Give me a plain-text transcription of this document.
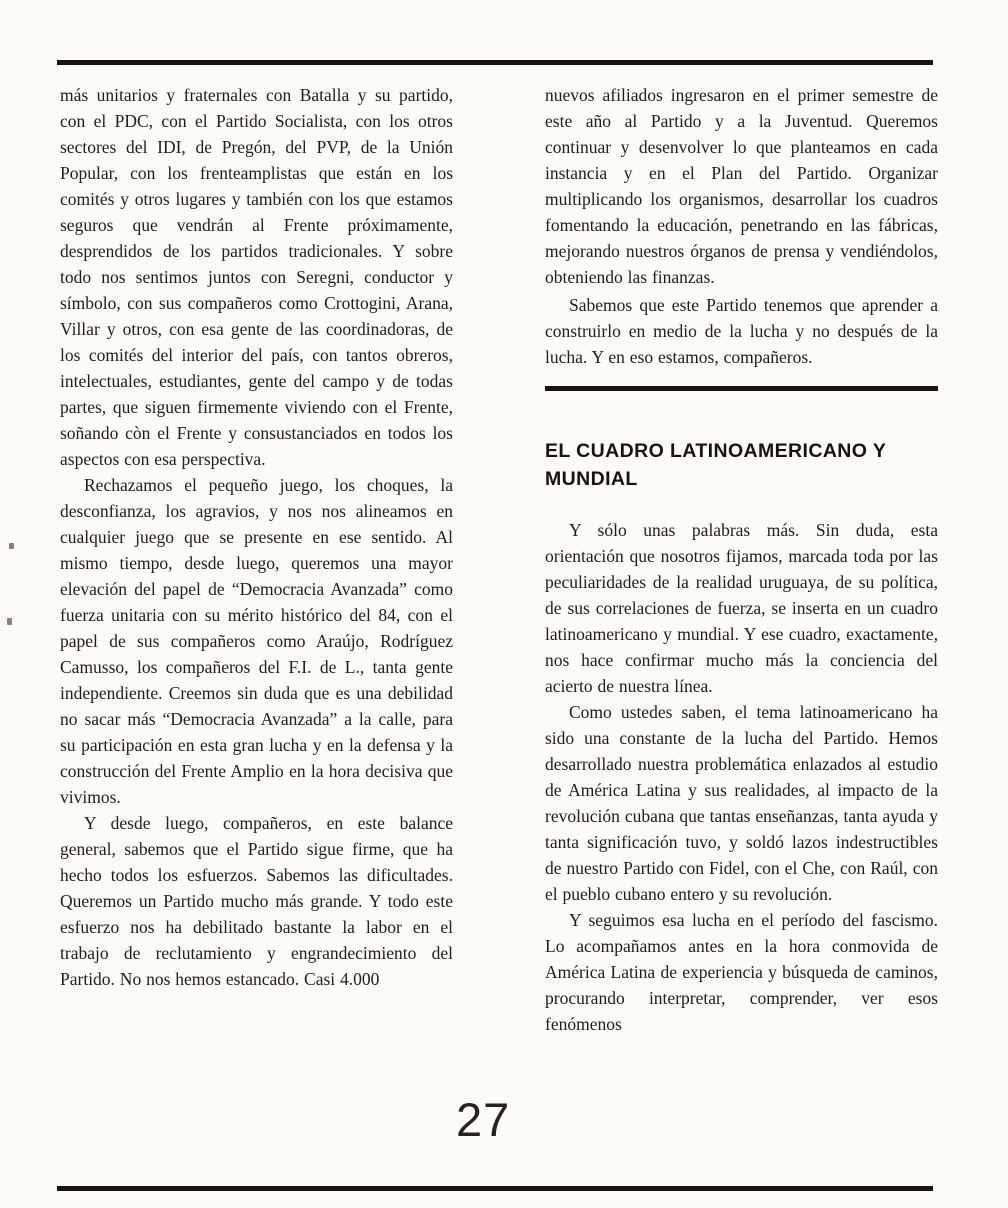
más unitarios y fraternales con Batalla y su partido, con el PDC, con el Partido Socialista, con los otros sectores del IDI, de Pregón, del PVP, de la Unión Popular, con los frenteamplistas que están en los comités y otros lugares y también con los que estamos seguros que vendrán al Frente próximamente, desprendidos de los partidos tradicionales. Y sobre todo nos sentimos juntos con Seregni, conductor y símbolo, con sus compañeros como Crottogini, Arana, Villar y otros, con esa gente de las coordinadoras, de los comités del interior del país, con tantos obreros, intelectuales, estudiantes, gente del campo y de todas partes, que siguen firmemente viviendo con el Frente, soñando còn el Frente y consustanciados en todos los aspectos con esa perspectiva.

Rechazamos el pequeño juego, los choques, la desconfianza, los agravios, y nos nos alineamos en cualquier juego que se presente en ese sentido. Al mismo tiempo, desde luego, queremos una mayor elevación del papel de “Democracia Avanzada” como fuerza unitaria con su mérito histórico del 84, con el papel de sus compañeros como Araújo, Rodríguez Camusso, los compañeros del F.I. de L., tanta gente independiente. Creemos sin duda que es una debilidad no sacar más “Democracia Avanzada” a la calle, para su participación en esta gran lucha y en la defensa y la construcción del Frente Amplio en la hora decisiva que vivimos.

Y desde luego, compañeros, en este balance general, sabemos que el Partido sigue firme, que ha hecho todos los esfuerzos. Sabemos las dificultades. Queremos un Partido mucho más grande. Y todo este esfuerzo nos ha debilitado bastante la labor en el trabajo de reclutamiento y engrandecimiento del Partido. No nos hemos estancado. Casi 4.000

nuevos afiliados ingresaron en el primer semestre de este año al Partido y a la Juventud. Queremos continuar y desenvolver lo que planteamos en cada instancia y en el Plan del Partido. Organizar multiplicando los organismos, desarrollar los cuadros fomentando la educación, penetrando en las fábricas, mejorando nuestros órganos de prensa y vendiéndolos, obteniendo las finanzas.

Sabemos que este Partido tenemos que aprender a construirlo en medio de la lucha y no después de la lucha. Y en eso estamos, compañeros.

EL CUADRO LATINOAMERICANO Y MUNDIAL

Y sólo unas palabras más. Sin duda, esta orientación que nosotros fijamos, marcada toda por las peculiaridades de la realidad uruguaya, de su política, de sus correlaciones de fuerza, se inserta en un cuadro latinoamericano y mundial. Y ese cuadro, exactamente, nos hace confirmar mucho más la conciencia del acierto de nuestra línea.

Como ustedes saben, el tema latinoamericano ha sido una constante de la lucha del Partido. Hemos desarrollado nuestra problemática enlazados al estudio de América Latina y sus realidades, al impacto de la revolución cubana que tantas enseñanzas, tanta ayuda y tanta significación tuvo, y soldó lazos indestructibles de nuestro Partido con Fidel, con el Che, con Raúl, con el pueblo cubano entero y su revolución.

Y seguimos esa lucha en el período del fascismo. Lo acompañamos antes en la hora conmovida de América Latina de experiencia y búsqueda de caminos, procurando interpretar, comprender, ver esos fenómenos

27
